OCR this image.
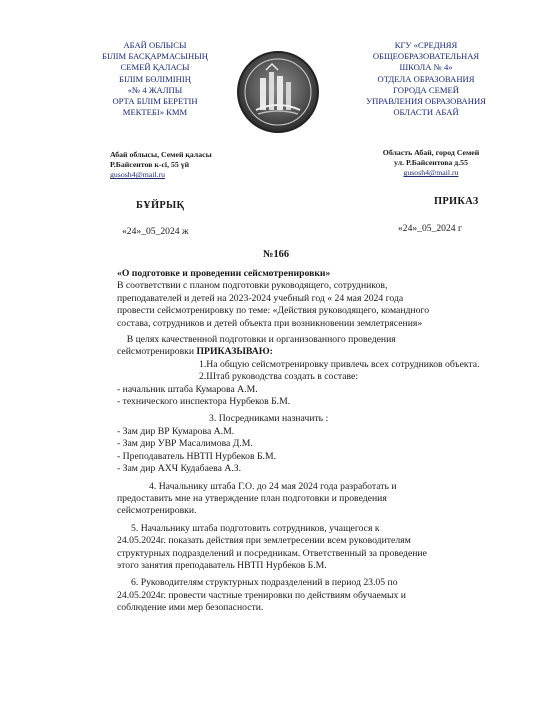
АБАЙ ОБЛЫСЫ
БІЛІМ БАСҚАРМАСЫНЫҢ
СЕМЕЙ ҚАЛАСЫ
БІЛІМ БӨЛІМІНІҢ
«№ 4 ЖАЛПЫ
ОРТА БІЛІМ БЕРЕТІН
МЕКТЕБІ» КММ
КГУ «СРЕДНЯЯ
ОБЩЕОБРАЗОВАТЕЛЬНАЯ
ШКОЛА № 4»
ОТДЕЛА ОБРАЗОВАНИЯ
ГОРОДА СЕМЕЙ
УПРАВЛЕНИЯ ОБРАЗОВАНИЯ
ОБЛАСТИ АБАЙ
Абай облысы, Семей қаласы
Р.Байсеитов к-сі, 55 үй
gusosh4@mail.ru
Область Абай, город Семей
ул. Р.Байсеитова д.55
gusosh4@mail.ru
БҰЙРЫҚ	ПРИКАЗ
«24»_05_2024 ж	«24»_05_2024 г
№166
«О подготовке и проведении сейсмотренировки»
В соответствии с планом подготовки руководящего, сотрудников,
преподавателей и детей на 2023-2024 учебный год « 24 мая 2024 года
провести сейсмотренировку по теме: «Действия руководящего, командного
состава, сотрудников и детей объекта при возникновении землетрясения»
В целях качественной подготовки и организованного проведения
сейсмотренировки ПРИКАЗЫВАЮ:
1.На общую сейсмотренировку привлечь всех сотрудников объекта.
2.Штаб руководства создать в составе:
- начальник штаба Кумарова А.М.
- технического инспектора Нурбеков Б.М.
3. Посредниками назначить :
- Зам дир ВР Кумарова А.М.
- Зам дир УВР Масалимова Д.М.
- Преподаватель НВТП Нурбеков Б.М.
- Зам дир АХЧ Кудабаева А.З.
4. Начальнику штаба Г.О. до 24 мая 2024 года разработать и
предоставить мне на утверждение план подготовки и проведения
сейсмотренировки.
5. Начальнику штаба подготовить сотрудников, учащегося к
24.05.2024г. показать действия при землетресении всем руководителям
структурных подразделений и посредникам. Ответственный за проведение
этого занятия преподаватель НВТП Нурбеков Б.М.
6. Руководителям структурных подразделений в период 23.05 по
24.05.2024г. провести частные тренировки по действиям обучаемых и
соблюдение ими мер безопасности.
